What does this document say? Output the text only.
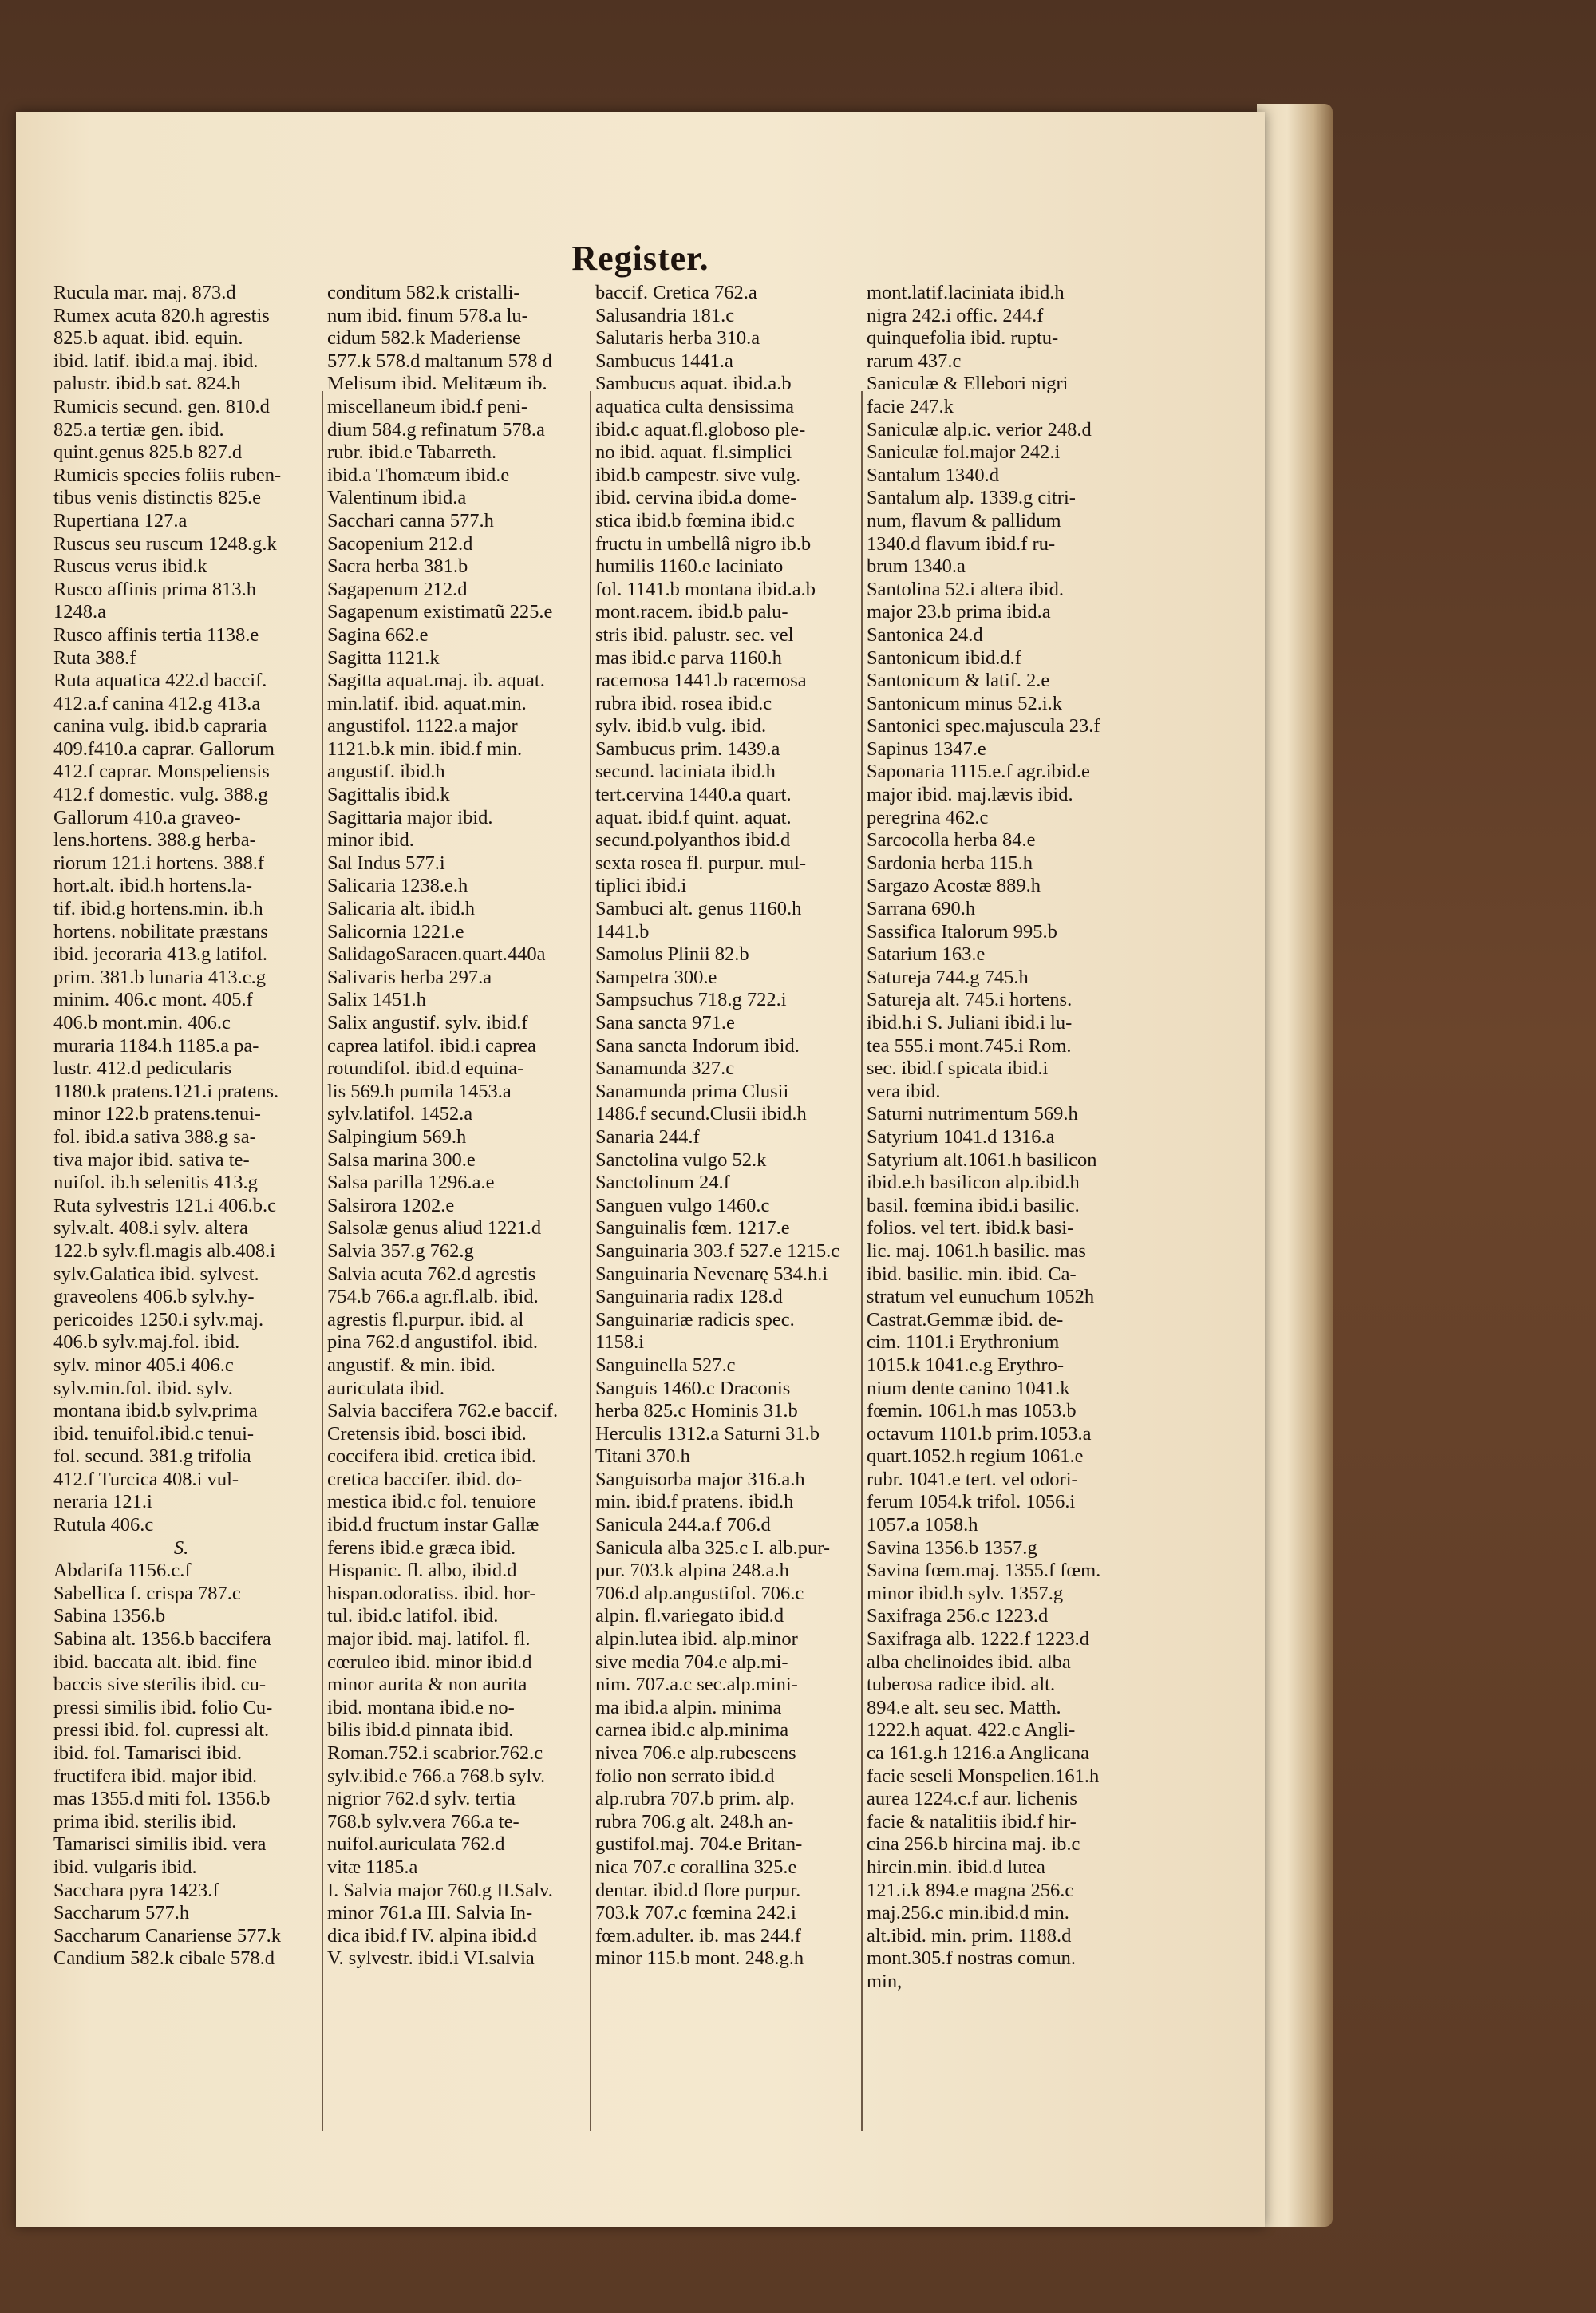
Register.
Rucula mar. maj. 873.d
Rumex acuta 820.h agrestis
825.b aquat. ibid. equin.
ibid. latif. ibid.a maj. ibid.
palustr. ibid.b sat. 824.h
Rumicis secund. gen. 810.d
825.a tertiæ gen. ibid.
quint.genus 825.b 827.d
Rumicis species foliis ruben-
tibus venis distinctis 825.e
Rupertiana 127.a
Ruscus seu ruscum 1248.g.k
Ruscus verus ibid.k
Rusco affinis prima 813.h
1248.a
Rusco affinis tertia 1138.e
Ruta 388.f
Ruta aquatica 422.d baccif.
412.a.f canina 412.g 413.a
canina vulg. ibid.b capraria
409.f410.a caprar. Gallorum
412.f caprar. Monspeliensis
412.f domestic. vulg. 388.g
Gallorum 410.a graveo-
lens.hortens. 388.g herba-
riorum 121.i hortens. 388.f
hort.alt. ibid.h hortens.la-
tif. ibid.g hortens.min. ib.h
hortens. nobilitate præstans
ibid. jecoraria 413.g latifol.
prim. 381.b lunaria 413.c.g
minim. 406.c mont. 405.f
406.b mont.min. 406.c
muraria 1184.h 1185.a pa-
lustr. 412.d pedicularis
1180.k pratens.121.i pratens.
minor 122.b pratens.tenui-
fol. ibid.a sativa 388.g sa-
tiva major ibid. sativa te-
nuifol. ib.h selenitis 413.g
Ruta sylvestris 121.i 406.b.c
sylv.alt. 408.i sylv. altera
122.b sylv.fl.magis alb.408.i
sylv.Galatica ibid. sylvest.
graveolens 406.b sylv.hy-
pericoides 1250.i sylv.maj.
406.b sylv.maj.fol. ibid.
sylv. minor 405.i 406.c
sylv.min.fol. ibid. sylv.
montana ibid.b sylv.prima
ibid. tenuifol.ibid.c tenui-
fol. secund. 381.g trifolia
412.f Turcica 408.i vul-
neraria 121.i
Rutula 406.c
S.
Abdarifa 1156.c.f
Sabellica f. crispa 787.c
Sabina 1356.b
Sabina alt. 1356.b baccifera
ibid. baccata alt. ibid. fine
baccis sive sterilis ibid. cu-
pressi similis ibid. folio Cu-
pressi ibid. fol. cupressi alt.
ibid. fol. Tamarisci ibid.
fructifera ibid. major ibid.
mas 1355.d miti fol. 1356.b
prima ibid. sterilis ibid.
Tamarisci similis ibid. vera
ibid. vulgaris ibid.
Sacchara pyra 1423.f
Saccharum 577.h
Saccharum Canariense 577.k
Candium 582.k cibale 578.d
conditum 582.k cristalli-
num ibid. finum 578.a lu-
cidum 582.k Maderiense
577.k 578.d maltanum 578 d
Melisum ibid. Melitæum ib.
miscellaneum ibid.f peni-
dium 584.g refinatum 578.a
rubr. ibid.e Tabarreth.
ibid.a Thomæum ibid.e
Valentinum ibid.a
Sacchari canna 577.h
Sacopenium 212.d
Sacra herba 381.b
Sagapenum 212.d
Sagapenum existimatũ 225.e
Sagina 662.e
Sagitta 1121.k
Sagitta aquat.maj. ib. aquat.
min.latif. ibid. aquat.min.
angustifol. 1122.a major
1121.b.k min. ibid.f min.
angustif. ibid.h
Sagittalis ibid.k
Sagittaria major ibid.
minor ibid.
Sal Indus 577.i
Salicaria 1238.e.h
Salicaria alt. ibid.h
Salicornia 1221.e
SalidagoSaracen.quart.440a
Salivaris herba 297.a
Salix 1451.h
Salix angustif. sylv. ibid.f
caprea latifol. ibid.i caprea
rotundifol. ibid.d equina-
lis 569.h pumila 1453.a
sylv.latifol. 1452.a
Salpingium 569.h
Salsa marina 300.e
Salsa parilla 1296.a.e
Salsirora 1202.e
Salsolæ genus aliud 1221.d
Salvia 357.g 762.g
Salvia acuta 762.d agrestis
754.b 766.a agr.fl.alb. ibid.
agrestis fl.purpur. ibid. al
pina 762.d angustifol. ibid.
angustif. & min. ibid.
auriculata ibid.
Salvia baccifera 762.e baccif.
Cretensis ibid. bosci ibid.
coccifera ibid. cretica ibid.
cretica baccifer. ibid. do-
mestica ibid.c fol. tenuiore
ibid.d fructum instar Gallæ
ferens ibid.e græca ibid.
Hispanic. fl. albo, ibid.d
hispan.odoratiss. ibid. hor-
tul. ibid.c latifol. ibid.
major ibid. maj. latifol. fl.
cœruleo ibid. minor ibid.d
minor aurita & non aurita
ibid. montana ibid.e no-
bilis ibid.d pinnata ibid.
Roman.752.i scabrior.762.c
sylv.ibid.e 766.a 768.b sylv.
nigrior 762.d sylv. tertia
768.b sylv.vera 766.a te-
nuifol.auriculata 762.d
vitæ 1185.a
I. Salvia major 760.g II.Salv.
minor 761.a III. Salvia In-
dica ibid.f IV. alpina ibid.d
V. sylvestr. ibid.i VI.salvia
baccif. Cretica 762.a
Salusandria 181.c
Salutaris herba 310.a
Sambucus 1441.a
Sambucus aquat. ibid.a.b
aquatica culta densissima
ibid.c aquat.fl.globoso ple-
no ibid. aquat. fl.simplici
ibid.b campestr. sive vulg.
ibid. cervina ibid.a dome-
stica ibid.b fœmina ibid.c
fructu in umbellâ nigro ib.b
humilis 1160.e laciniato
fol. 1141.b montana ibid.a.b
mont.racem. ibid.b palu-
stris ibid. palustr. sec. vel
mas ibid.c parva 1160.h
racemosa 1441.b racemosa
rubra ibid. rosea ibid.c
sylv. ibid.b vulg. ibid.
Sambucus prim. 1439.a
secund. laciniata ibid.h
tert.cervina 1440.a quart.
aquat. ibid.f quint. aquat.
secund.polyanthos ibid.d
sexta rosea fl. purpur. mul-
tiplici ibid.i
Sambuci alt. genus 1160.h
1441.b
Samolus Plinii 82.b
Sampetra 300.e
Sampsuchus 718.g 722.i
Sana sancta 971.e
Sana sancta Indorum ibid.
Sanamunda 327.c
Sanamunda prima Clusii
1486.f secund.Clusii ibid.h
Sanaria 244.f
Sanctolina vulgo 52.k
Sanctolinum 24.f
Sanguen vulgo 1460.c
Sanguinalis fœm. 1217.e
Sanguinaria 303.f 527.e 1215.c
Sanguinaria Nevenarę 534.h.i
Sanguinaria radix 128.d
Sanguinariæ radicis spec.
1158.i
Sanguinella 527.c
Sanguis 1460.c Draconis
herba 825.c Hominis 31.b
Herculis 1312.a Saturni 31.b
Titani 370.h
Sanguisorba major 316.a.h
min. ibid.f pratens. ibid.h
Sanicula 244.a.f 706.d
Sanicula alba 325.c I. alb.pur-
pur. 703.k alpina 248.a.h
706.d alp.angustifol. 706.c
alpin. fl.variegato ibid.d
alpin.lutea ibid. alp.minor
sive media 704.e alp.mi-
nim. 707.a.c sec.alp.mini-
ma ibid.a alpin. minima
carnea ibid.c alp.minima
nivea 706.e alp.rubescens
folio non serrato ibid.d
alp.rubra 707.b prim. alp.
rubra 706.g alt. 248.h an-
gustifol.maj. 704.e Britan-
nica 707.c corallina 325.e
dentar. ibid.d flore purpur.
703.k 707.c fœmina 242.i
fœm.adulter. ib. mas 244.f
minor 115.b mont. 248.g.h
mont.latif.laciniata ibid.h
nigra 242.i offic. 244.f
quinquefolia ibid. ruptu-
rarum 437.c
Saniculæ & Ellebori nigri
facie 247.k
Saniculæ alp.ic. verior 248.d
Saniculæ fol.major 242.i
Santalum 1340.d
Santalum alp. 1339.g citri-
num, flavum & pallidum
1340.d flavum ibid.f ru-
brum 1340.a
Santolina 52.i altera ibid.
major 23.b prima ibid.a
Santonica 24.d
Santonicum ibid.d.f
Santonicum & latif. 2.e
Santonicum minus 52.i.k
Santonici spec.majuscula 23.f
Sapinus 1347.e
Saponaria 1115.e.f agr.ibid.e
major ibid. maj.lævis ibid.
peregrina 462.c
Sarcocolla herba 84.e
Sardonia herba 115.h
Sargazo Acostæ 889.h
Sarrana 690.h
Sassifica Italorum 995.b
Satarium 163.e
Satureja 744.g 745.h
Satureja alt. 745.i hortens.
ibid.h.i S. Juliani ibid.i lu-
tea 555.i mont.745.i Rom.
sec. ibid.f spicata ibid.i
vera ibid.
Saturni nutrimentum 569.h
Satyrium 1041.d 1316.a
Satyrium alt.1061.h basilicon
ibid.e.h basilicon alp.ibid.h
basil. fœmina ibid.i basilic.
folios. vel tert. ibid.k basi-
lic. maj. 1061.h basilic. mas
ibid. basilic. min. ibid. Ca-
stratum vel eunuchum 1052h
Castrat.Gemmæ ibid. de-
cim. 1101.i Erythronium
1015.k 1041.e.g Erythro-
nium dente canino 1041.k
fœmin. 1061.h mas 1053.b
octavum 1101.b prim.1053.a
quart.1052.h regium 1061.e
rubr. 1041.e tert. vel odori-
ferum 1054.k trifol. 1056.i
1057.a 1058.h
Savina 1356.b 1357.g
Savina fœm.maj. 1355.f fœm.
minor ibid.h sylv. 1357.g
Saxifraga 256.c 1223.d
Saxifraga alb. 1222.f 1223.d
alba chelinoides ibid. alba
tuberosa radice ibid. alt.
894.e alt. seu sec. Matth.
1222.h aquat. 422.c Angli-
ca 161.g.h 1216.a Anglicana
facie seseli Monspelien.161.h
aurea 1224.c.f aur. lichenis
facie & natalitiis ibid.f hir-
cina 256.b hircina maj. ib.c
hircin.min. ibid.d lutea
121.i.k 894.e magna 256.c
maj.256.c min.ibid.d min.
alt.ibid. min. prim. 1188.d
mont.305.f nostras comun.
min,
